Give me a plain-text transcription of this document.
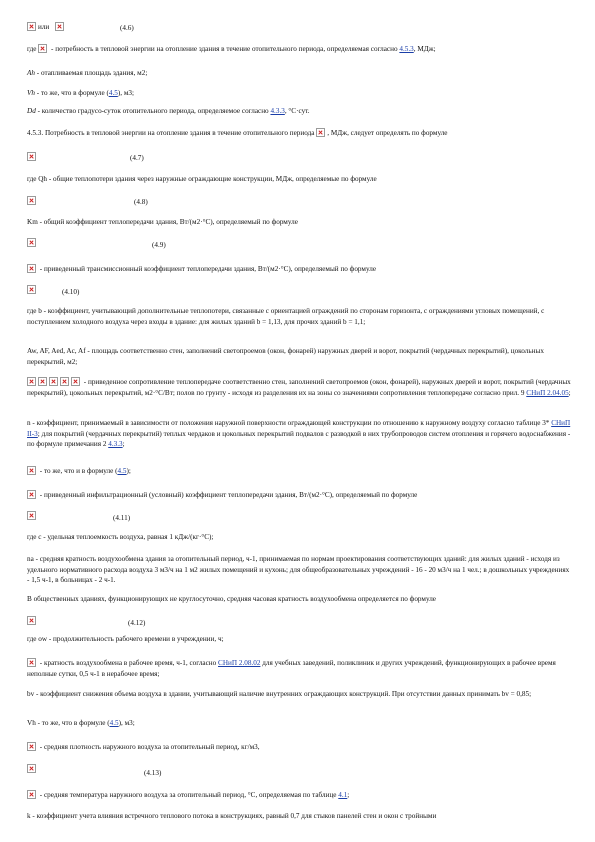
или	(4.6)
где  - потребность в тепловой энергии на отопление здания в течение отопительного периода, определяемая согласно 4.5.3, МДж;
Ah - отапливаемая площадь здания, м2;
Vh - то же, что в формуле (4.5), м3;
Dd - количество градусо-суток отопительного периода, определяемое согласно 4.3.3, °С·сут.
4.5.3. Потребность в тепловой энергии на отопление здания в течение отопительного периода , МДж, следует определять по формуле
(4.7)
где Qh - общие теплопотери здания через наружные ограждающие конструкции, МДж, определяемые по формуле
(4.8)
Km - общий коэффициент теплопередачи здания, Вт/(м2·°С), определяемый по формуле
(4.9)
- приведенный трансмиссионный коэффициент теплопередачи здания, Вт/(м2·°С), определяемый по формуле
(4.10)
где b - коэффициент, учитывающий дополнительные теплопотери, связанные с ориентацией ограждений по сторонам горизонта, с ограждениями угловых помещений, с поступлением холодного воздуха через входы в здание: для жилых зданий b = 1,13, для прочих зданий b = 1,1;
Aw, AF, Aed, Ac, Af - площадь соответственно стен, заполнений светопроемов (окон, фонарей) наружных дверей и ворот, покрытий (чердачных перекрытий), цокольных перекрытий, м2;
- приведенное сопротивление теплопередаче соответственно стен, заполнений светопроемов (окон, фонарей), наружных дверей и ворот, покрытий (чердачных перекрытий), цокольных перекрытий, м2·°С/Вт; полов по грунту - исходя из разделения их на зоны со значениями сопротивления теплопередаче согласно прил. 9 СНиП 2.04.05;
n - коэффициент, принимаемый в зависимости от положения наружной поверхности ограждающей конструкции по отношению к наружному воздуху согласно таблице 3* СНиП II-3; для покрытий (чердачных перекрытий) теплых чердаков и цокольных перекрытий подвалов с разводкой в них трубопроводов систем отопления и горячего водоснабжения - по формуле примечания 2 4.3.3;
- то же, что и в формуле (4.5);
- приведенный инфильтрационный (условный) коэффициент теплопередачи здания, Вт/(м2·°С), определяемый по формуле
(4.11)
где с - удельная теплоемкость воздуха, равная 1 кДж/(кг·°С);
na - средняя кратность воздухообмена здания за отопительный период, ч-1, принимаемая по нормам проектирования соответствующих зданий: для жилых зданий - исходя из удельного нормативного расхода воздуха 3 м3/ч на 1 м2 жилых помещений и кухонь; для общеобразовательных учреждений - 16 - 20 м3/ч на 1 чел.; в дошкольных учреждениях - 1,5 ч-1, в больницах - 2 ч-1.
В общественных зданиях, функционирующих не круглосуточно, средняя часовая кратность воздухообмена определяется по формуле
(4.12)
где ow - продолжительность рабочего времени в учреждении, ч;
- кратность воздухообмена в рабочее время, ч-1, согласно СНиП 2.08.02 для учебных заведений, поликлиник и других учреждений, функционирующих в рабочее время неполные сутки, 0,5 ч-1 в нерабочее время;
bv - коэффициент снижения объема воздуха в здании, учитывающий наличие внутренних ограждающих конструкций. При отсутствии данных принимать bv = 0,85;
Vh - то же, что в формуле (4.5), м3;
- средняя плотность наружного воздуха за отопительный период, кг/м3,
(4.13)
- средняя температура наружного воздуха за отопительный период, °С, определяемая по таблице 4.1;
k - коэффициент учета влияния встречного теплового потока в конструкциях, равный 0,7 для стыков панелей стен и окон с тройными
